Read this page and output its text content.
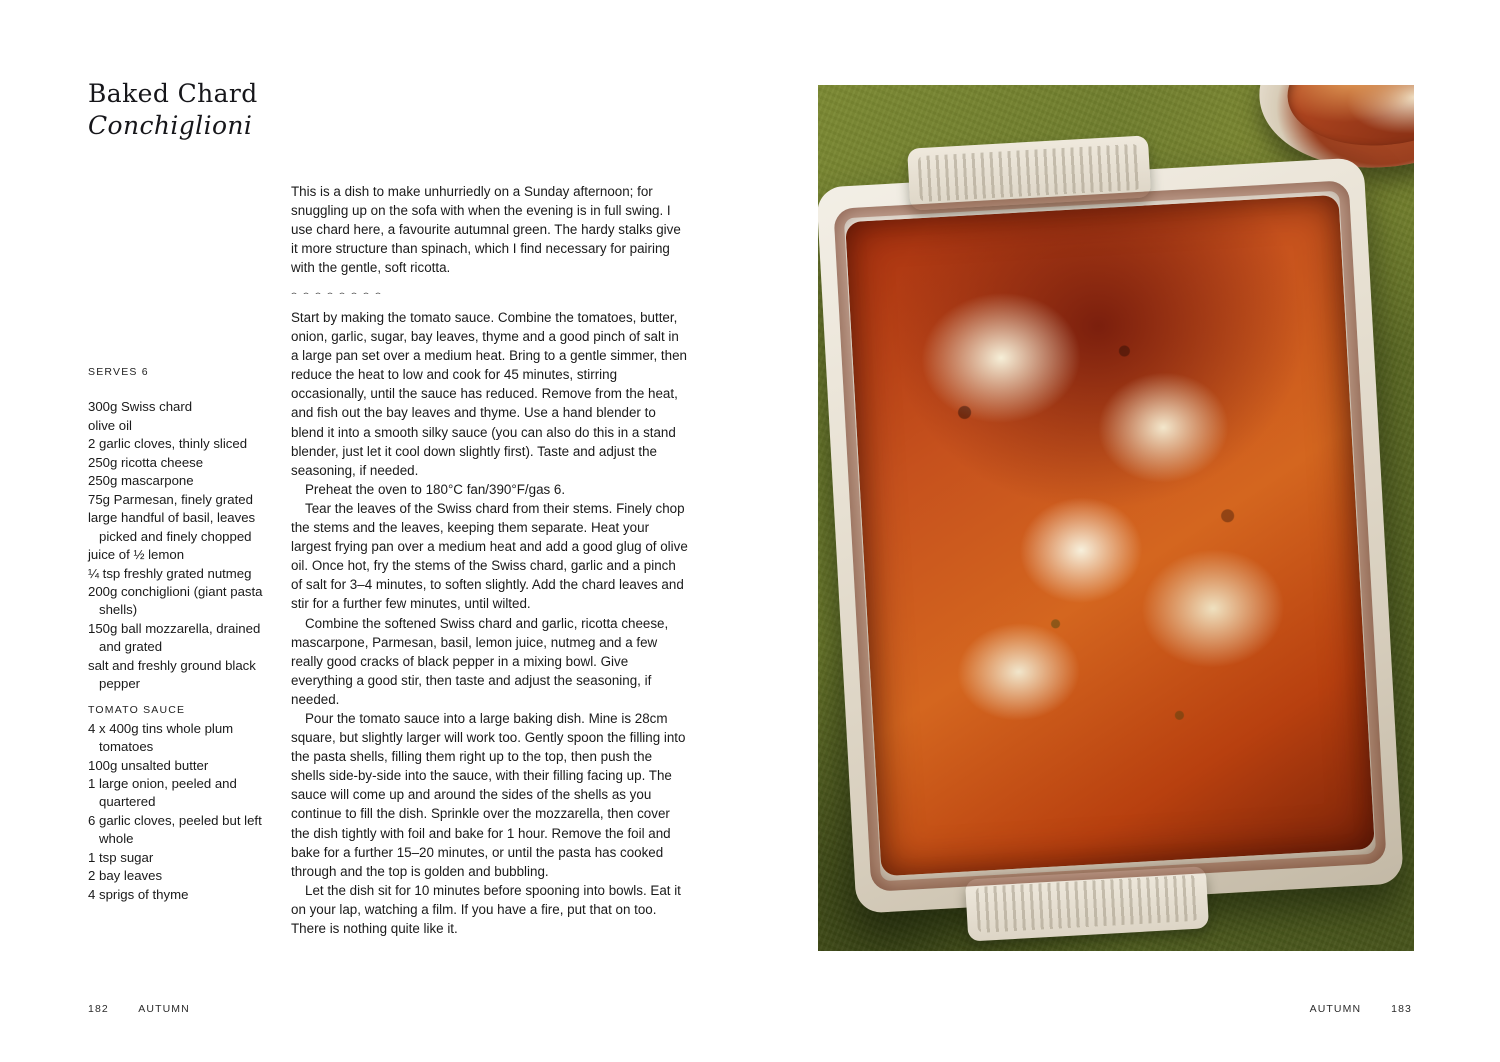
Baked Chard
Conchiglioni
SERVES 6
300g Swiss chard
olive oil
2 garlic cloves, thinly sliced
250g ricotta cheese
250g mascarpone
75g Parmesan, finely grated
large handful of basil, leaves
picked and finely chopped
juice of ½ lemon
¼ tsp freshly grated nutmeg
200g conchiglioni (giant pasta
shells)
150g ball mozzarella, drained
and grated
salt and freshly ground black
pepper
TOMATO SAUCE
4 x 400g tins whole plum
tomatoes
100g unsalted butter
1 large onion, peeled and
quartered
6 garlic cloves, peeled but left
whole
1 tsp sugar
2 bay leaves
4 sprigs of thyme
This is a dish to make unhurriedly on a Sunday afternoon; for snuggling up on the sofa with when the evening is in full swing. I use chard here, a favourite autumnal green. The hardy stalks give it more structure than spinach, which I find necessary for pairing with the gentle, soft ricotta.

Start by making the tomato sauce. Combine the tomatoes, butter, onion, garlic, sugar, bay leaves, thyme and a good pinch of salt in a large pan set over a medium heat. Bring to a gentle simmer, then reduce the heat to low and cook for 45 minutes, stirring occasionally, until the sauce has reduced. Remove from the heat, and fish out the bay leaves and thyme. Use a hand blender to blend it into a smooth silky sauce (you can also do this in a stand blender, just let it cool down slightly first). Taste and adjust the seasoning, if needed.

Preheat the oven to 180°C fan/390°F/gas 6.

Tear the leaves of the Swiss chard from their stems. Finely chop the stems and the leaves, keeping them separate. Heat your largest frying pan over a medium heat and add a good glug of olive oil. Once hot, fry the stems of the Swiss chard, garlic and a pinch of salt for 3–4 minutes, to soften slightly. Add the chard leaves and stir for a further few minutes, until wilted.

Combine the softened Swiss chard and garlic, ricotta cheese, mascarpone, Parmesan, basil, lemon juice, nutmeg and a few really good cracks of black pepper in a mixing bowl. Give everything a good stir, then taste and adjust the seasoning, if needed.

Pour the tomato sauce into a large baking dish. Mine is 28cm square, but slightly larger will work too. Gently spoon the filling into the pasta shells, filling them right up to the top, then push the shells side-by-side into the sauce, with their filling facing up. The sauce will come up and around the sides of the shells as you continue to fill the dish. Sprinkle over the mozzarella, then cover the dish tightly with foil and bake for 1 hour. Remove the foil and bake for a further 15–20 minutes, or until the pasta has cooked through and the top is golden and bubbling.

Let the dish sit for 10 minutes before spooning into bowls. Eat it on your lap, watching a film. If you have a fire, put that on too. There is nothing quite like it.

182	AUTUMN	AUTUMN	183
